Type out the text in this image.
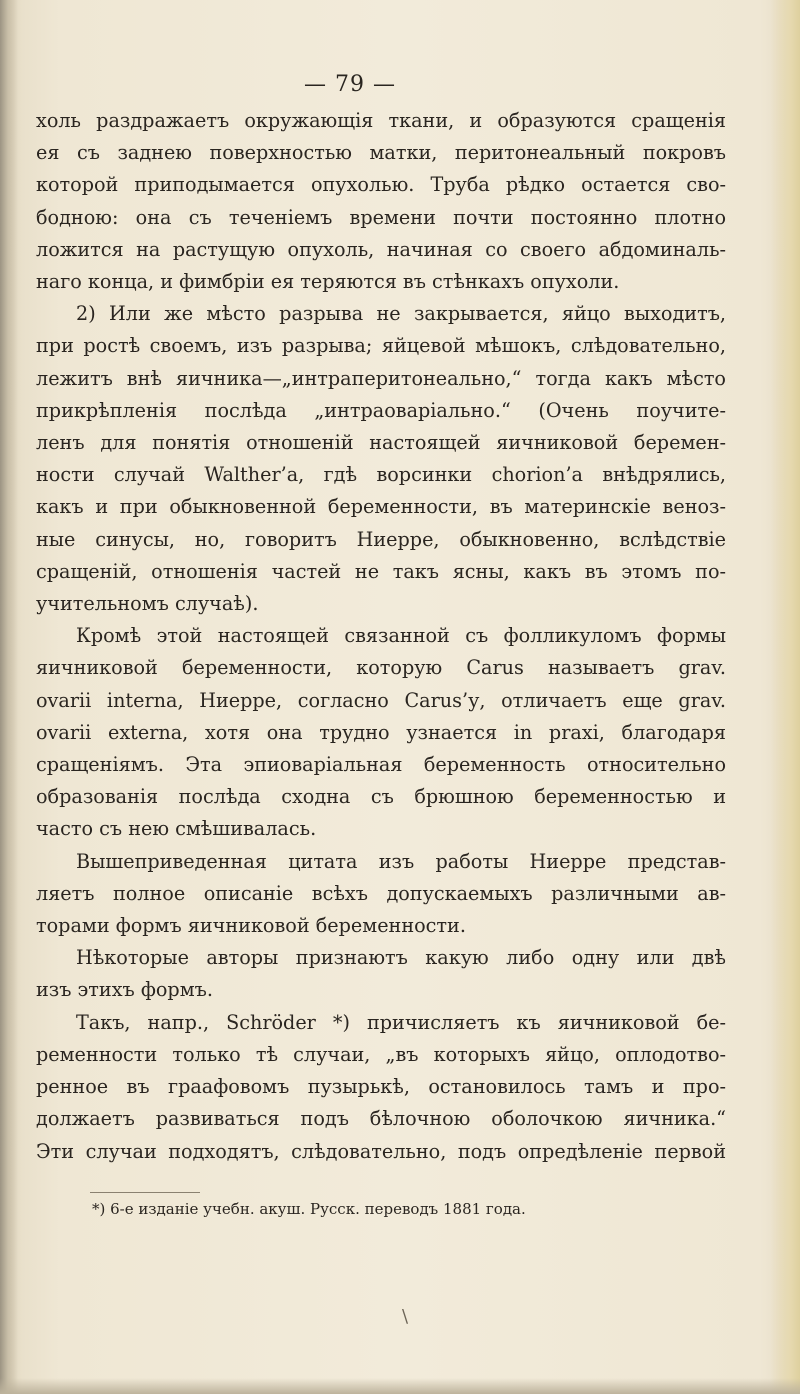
— 79 —
холь раздражаетъ окружающія ткани, и образуются сращенія
ея съ заднею поверхностью матки, перитонеальный покровъ
которой приподымается опухолью. Труба рѣдко остается сво-
бодною: она съ теченіемъ времени почти постоянно плотно
ложится на растущую опухоль, начиная со своего абдоминаль-
наго конца, и фимбріи ея теряются въ стѣнкахъ опухоли.
2) Или же мѣсто разрыва не закрывается, яйцо выходитъ,
при ростѣ своемъ, изъ разрыва; яйцевой мѣшокъ, слѣдовательно,
лежитъ внѣ яичника—„интраперитонеально,“ тогда какъ мѣсто
прикрѣпленія послѣда „интраоваріально.“ (Очень поучите-
ленъ для понятія отношеній настоящей яичниковой беремен-
ности случай Walther’а, гдѣ ворсинки chorion’а внѣдрялись,
какъ и при обыкновенной беременности, въ материнскіе веноз-
ные синусы, но, говоритъ Hиерре, обыкновенно, вслѣдствіе
сращеній, отношенія частей не такъ ясны, какъ въ этомъ по-
учительномъ случаѣ).
Кромѣ этой настоящей связанной съ фолликуломъ формы
яичниковой беременности, которую Carus называетъ grav.
ovarii interna, Hиерре, согласно Carus’у, отличаетъ еще grav.
ovarii externa, хотя она трудно узнается in praxi, благодаря
сращеніямъ. Эта эпиоваріальная беременность относительно
образованія послѣда сходна съ брюшною беременностью и
часто съ нею смѣшивалась.
Вышеприведенная цитата изъ работы Hиерре представ-
ляетъ полное описаніе всѣхъ допускаемыхъ различными ав-
торами формъ яичниковой беременности.
Нѣкоторые авторы признаютъ какую либо одну или двѣ
изъ этихъ формъ.
Такъ, напр., Schröder *) причисляетъ къ яичниковой бе-
ременности только тѣ случаи, „въ которыхъ яйцо, оплодотво-
ренное въ граафовомъ пузырькѣ, остановилось тамъ и про-
должаетъ развиваться подъ бѣлочною оболочкою яичника.“
Эти случаи подходятъ, слѣдовательно, подъ опредѣленіе первой
*) 6-е изданіе учебн. акуш. Русск. переводъ 1881 года.
\
